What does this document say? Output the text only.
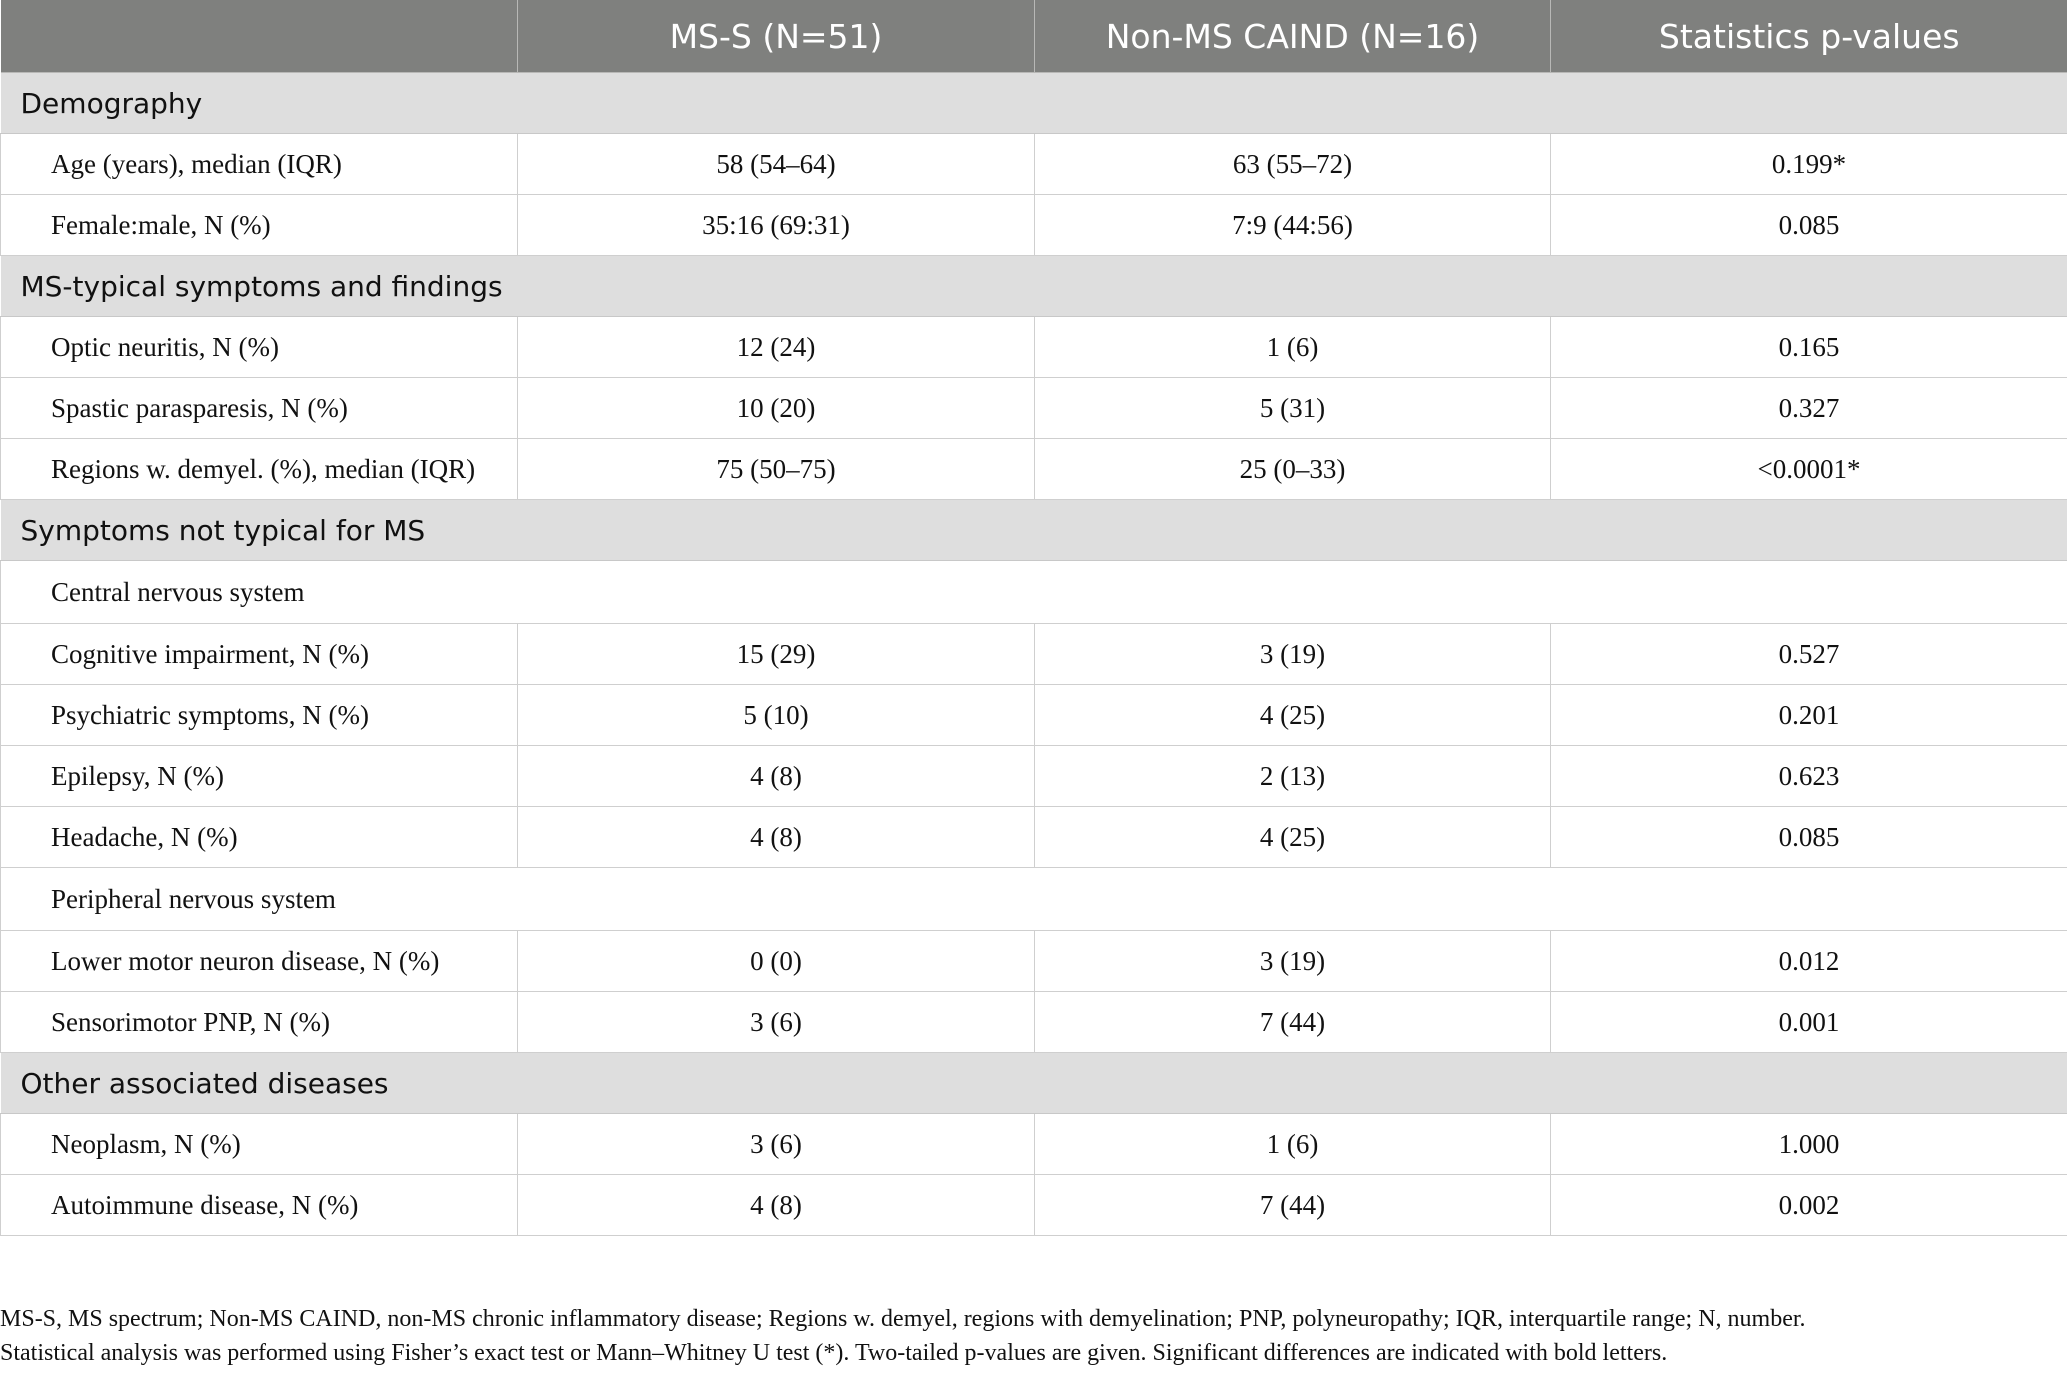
	MS-S (N=51)	Non-MS CAIND (N=16)	Statistics p-values
Demography			
Age (years), median (IQR)	58 (54–64)	63 (55–72)	0.199*
Female:male, N (%)	35:16 (69:31)	7:9 (44:56)	0.085
MS-typical symptoms and findings			
Optic neuritis, N (%)	12 (24)	1 (6)	0.165
Spastic parasparesis, N (%)	10 (20)	5 (31)	0.327
Regions w. demyel. (%), median (IQR)	75 (50–75)	25 (0–33)	<0.0001*
Symptoms not typical for MS			
Central nervous system			
Cognitive impairment, N (%)	15 (29)	3 (19)	0.527
Psychiatric symptoms, N (%)	5 (10)	4 (25)	0.201
Epilepsy, N (%)	4 (8)	2 (13)	0.623
Headache, N (%)	4 (8)	4 (25)	0.085
Peripheral nervous system			
Lower motor neuron disease, N (%)	0 (0)	3 (19)	0.012
Sensorimotor PNP, N (%)	3 (6)	7 (44)	0.001
Other associated diseases			
Neoplasm, N (%)	3 (6)	1 (6)	1.000
Autoimmune disease, N (%)	4 (8)	7 (44)	0.002

MS-S, MS spectrum; Non-MS CAIND, non-MS chronic inflammatory disease; Regions w. demyel, regions with demyelination; PNP, polyneuropathy; IQR, interquartile range; N, number.

Statistical analysis was performed using Fisher’s exact test or Mann–Whitney U test (*). Two-tailed p-values are given. Significant differences are indicated with bold letters.
